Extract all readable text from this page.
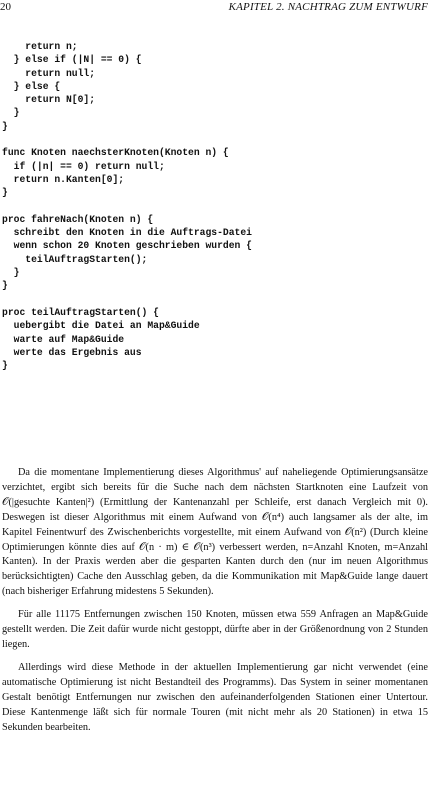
20	KAPITEL 2. NACHTRAG ZUM ENTWURF
return n;
} else if (|N| == 0) {
return null;
} else {
return N[0];
}
}
func Knoten naechsterKnoten(Knoten n) {
if (|n| == 0) return null;
return n.Kanten[0];
}
proc fahreNach(Knoten n) {
schreibt den Knoten in die Auftrags-Datei
wenn schon 20 Knoten geschrieben wurden {
teilAuftragStarten();
}
}
proc teilAuftragStarten() {
uebergibt die Datei an Map&Guide
warte auf Map&Guide
werte das Ergebnis aus
}

Da die momentane Implementierung dieses Algorithmus' auf naheliegende Optimierungsansätze verzichtet, ergibt sich bereits für die Suche nach dem nächsten Startknoten eine Laufzeit von 𝒪(|gesuchte Kanten|²) (Ermittlung der Kantenanzahl per Schleife, erst danach Vergleich mit 0). Deswegen ist dieser Algorithmus mit einem Aufwand von 𝒪(n⁴) auch langsamer als der alte, im Kapitel Feinentwurf des Zwischenberichts vorgestellte, mit einem Aufwand von 𝒪(n²) (Durch kleine Optimierungen könnte dies auf 𝒪(n · m) ∈ 𝒪(n³) verbessert werden, n=Anzahl Knoten, m=Anzahl Kanten). In der Praxis werden aber die gesparten Kanten durch den (nur im neuen Algorithmus berücksichtigten) Cache den Ausschlag geben, da die Kommunikation mit Map&Guide lange dauert (nach bisheriger Erfahrung midestens 5 Sekunden).

Für alle 11175 Entfernungen zwischen 150 Knoten, müssen etwa 559 Anfragen an Map&Guide gestellt werden. Die Zeit dafür wurde nicht gestoppt, dürfte aber in der Größenordnung von 2 Stunden liegen.

Allerdings wird diese Methode in der aktuellen Implementierung gar nicht verwendet (eine automatische Optimierung ist nicht Bestandteil des Programms). Das System in seiner momentanen Gestalt benötigt Entfernungen nur zwischen den aufeinanderfolgenden Stationen einer Untertour. Diese Kantenmenge läßt sich für normale Touren (mit nicht mehr als 20 Stationen) in etwa 15 Sekunden bearbeiten.
